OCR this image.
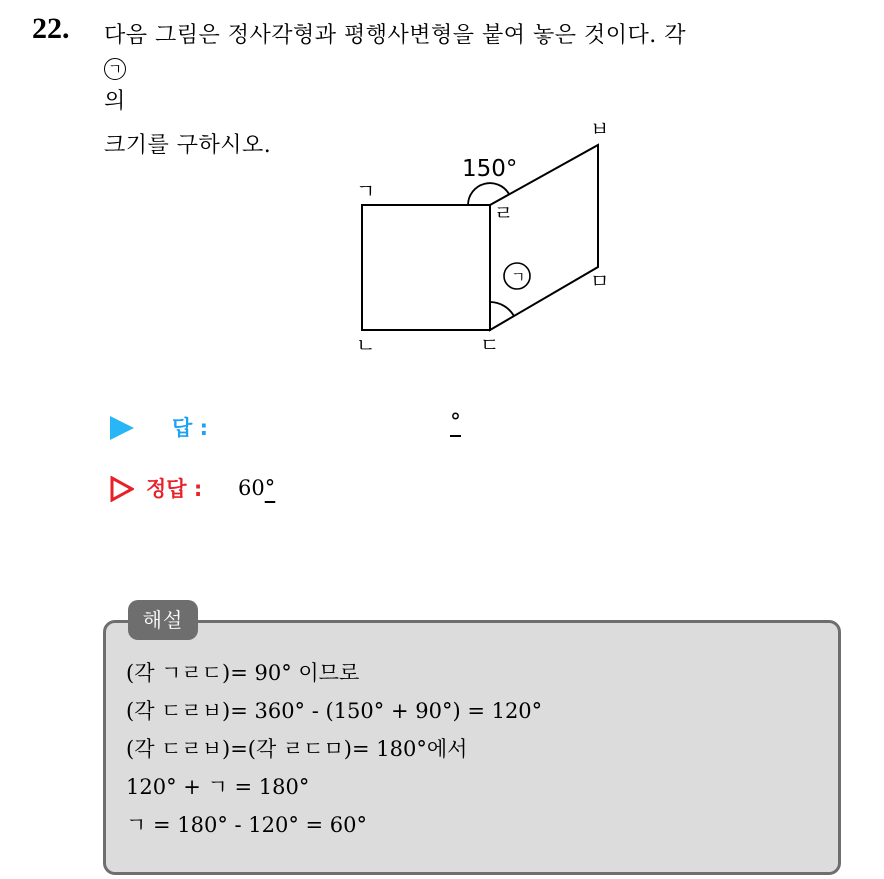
22. 다음 그림은 정사각형과 평행사변형을 붙여 놓은 것이다. 각
ㄱ
의
크기를 구하시오.
150°
ㄱ
ㄱ
ㄴ	ㄷ
ㄹ
ㅁ
ㅂ
답 :	°
정답 : 60°
해설
(각 ㄱㄹㄷ)= 90° 이므로
(각 ㄷㄹㅂ)= 360° - (150° + 90°) = 120°
(각 ㄷㄹㅂ)=(각 ㄹㄷㅁ)= 180°에서
120° + ㄱ = 180°
ㄱ = 180° - 120° = 60°
